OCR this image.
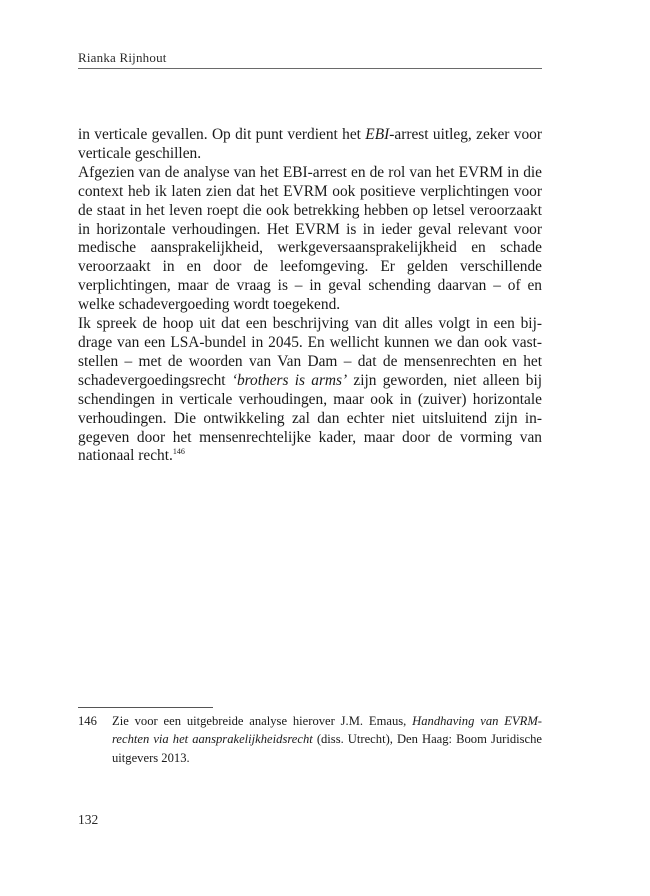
Rianka Rijnhout

in verticale gevallen. Op dit punt verdient het EBI-arrest uitleg, zeker voor verticale geschillen.

Afgezien van de analyse van het EBI-arrest en de rol van het EVRM in die context heb ik laten zien dat het EVRM ook positieve verplichtingen voor de staat in het leven roept die ook betrekking hebben op letsel veroorzaakt in horizontale verhoudingen. Het EVRM is in ieder geval relevant voor medische aansprakelijkheid, werkgeversaansprakelijkheid en schade veroorzaakt in en door de leefomgeving. Er gelden verschillende verplichtingen, maar de vraag is – in geval schending daarvan – of en welke schadevergoeding wordt toegekend.

Ik spreek de hoop uit dat een beschrijving van dit alles volgt in een bijdrage van een LSA-bundel in 2045. En wellicht kunnen we dan ook vaststellen – met de woorden van Van Dam – dat de mensenrechten en het schadevergoedingsrecht ‘brothers is arms’ zijn geworden, niet alleen bij schendingen in verticale verhoudingen, maar ook in (zuiver) horizontale verhoudingen. Die ontwikkeling zal dan echter niet uitsluitend zijn ingegeven door het mensenrechtelijke kader, maar door de vorming van nationaal recht.$^{146}$

146	Zie voor een uitgebreide analyse hierover J.M. Emaus, Handhaving van EVRM-rechten via het aansprakelijkheidsrecht (diss. Utrecht), Den Haag: Boom Juridische uitgevers 2013.
132
